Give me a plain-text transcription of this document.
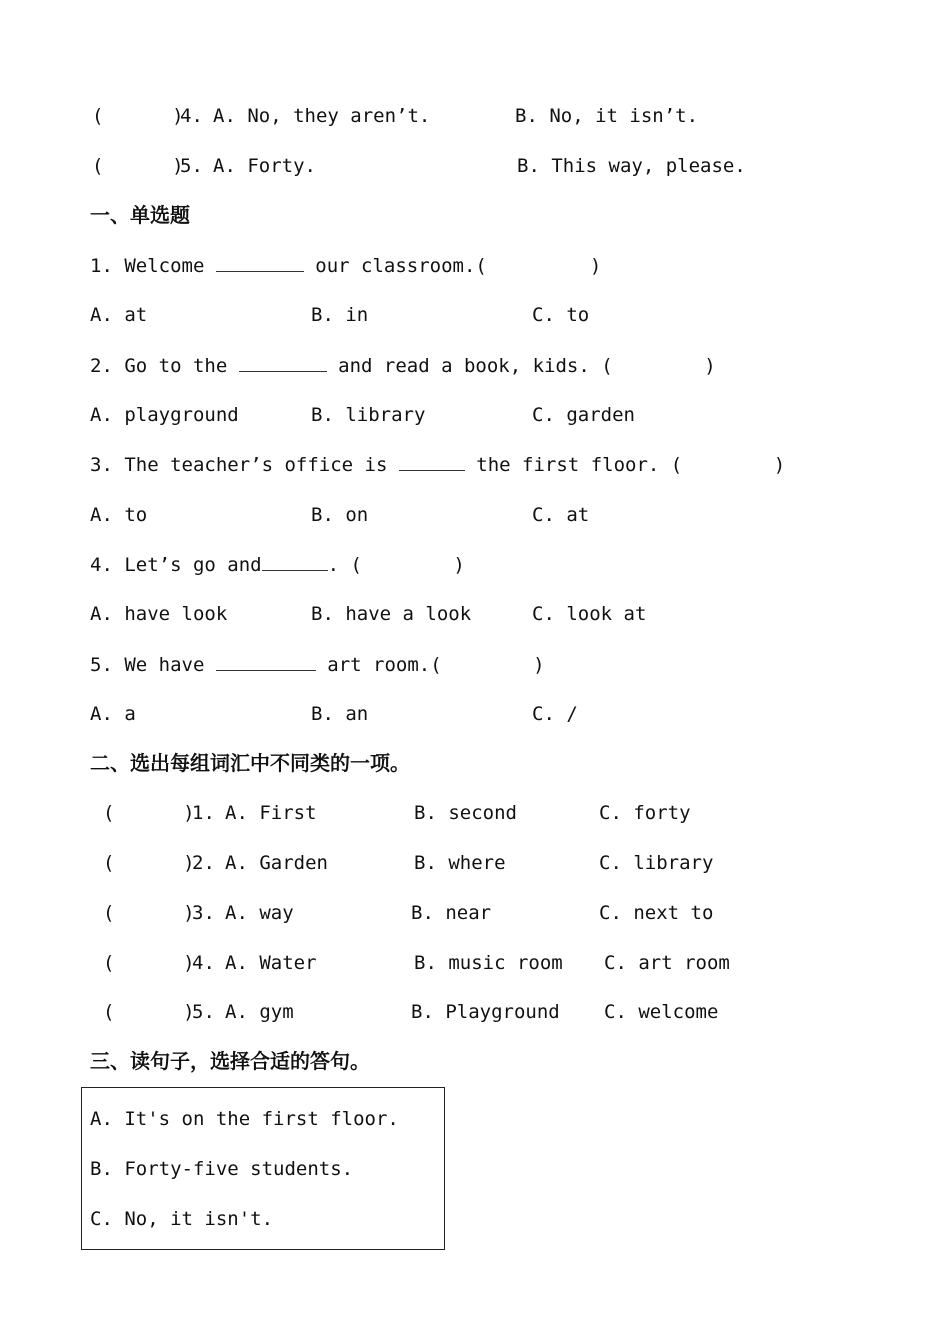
(      )
4. A. No, they aren’t.	B. No, it isn’t.
(      )
5. A. Forty.	B. This way, please.
一、单选题
1. Welcome	our classroom.(         )
A. at	B. in	C. to
2. Go to the	and read a book, kids. (        )
A. playground	B. library	C. garden
3. The teacher’s office is	the first floor. (        )
A. to	B. on	C. at
4. Let’s go and	. (        )
A. have look	B. have a look	C. look at
5. We have	art room.(        )
A. a	B. an	C. /
二、选出每组词汇中不同类的一项。
(      )
1. A. First	B. second	C. forty
(      )
2. A. Garden	B. where	C. library
(      )
3. A. way	B. near	C. next to
(      )
4. A. Water	B. music room C. art room
(      )
5. A. gym	B. Playground C. welcome
三、读句子，选择合适的答句。
A. It's on the first floor.
B. Forty-five students.
C. No, it isn't.
